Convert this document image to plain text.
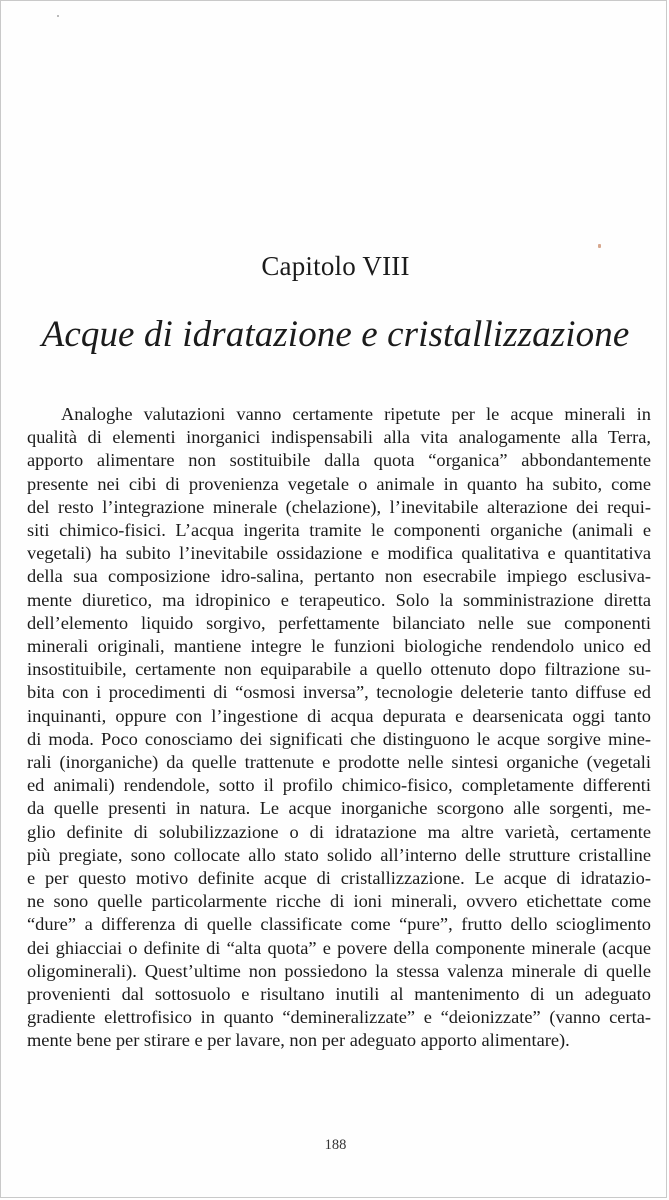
Capitolo VIII
Acque di idratazione e cristallizzazione
Analoghe valutazioni vanno certamente ripetute per le acque minerali in
qualità di elementi inorganici indispensabili alla vita analogamente alla Terra,
apporto alimentare non sostituibile dalla quota “organica” abbondantemente
presente nei cibi di provenienza vegetale o animale in quanto ha subito, come
del resto l’integrazione minerale (chelazione), l’inevitabile alterazione dei requi-
siti chimico-fisici. L’acqua ingerita tramite le componenti organiche (animali e
vegetali) ha subito l’inevitabile ossidazione e modifica qualitativa e quantitativa
della sua composizione idro-salina, pertanto non esecrabile impiego esclusiva-
mente diuretico, ma idropinico e terapeutico. Solo la somministrazione diretta
dell’elemento liquido sorgivo, perfettamente bilanciato nelle sue componenti
minerali originali, mantiene integre le funzioni biologiche rendendolo unico ed
insostituibile, certamente non equiparabile a quello ottenuto dopo filtrazione su-
bita con i procedimenti di “osmosi inversa”, tecnologie deleterie tanto diffuse ed
inquinanti, oppure con l’ingestione di acqua depurata e dearsenicata oggi tanto
di moda. Poco conosciamo dei significati che distinguono le acque sorgive mine-
rali (inorganiche) da quelle trattenute e prodotte nelle sintesi organiche (vegetali
ed animali) rendendole, sotto il profilo chimico-fisico, completamente differenti
da quelle presenti in natura. Le acque inorganiche scorgono alle sorgenti, me-
glio definite di solubilizzazione o di idratazione ma altre varietà, certamente
più pregiate, sono collocate allo stato solido all’interno delle strutture cristalline
e per questo motivo definite acque di cristallizzazione. Le acque di idratazio-
ne sono quelle particolarmente ricche di ioni minerali, ovvero etichettate come
“dure” a differenza di quelle classificate come “pure”, frutto dello scioglimento
dei ghiacciai o definite di “alta quota” e povere della componente minerale (acque
oligominerali). Quest’ultime non possiedono la stessa valenza minerale di quelle
provenienti dal sottosuolo e risultano inutili al mantenimento di un adeguato
gradiente elettrofisico in quanto “demineralizzate” e “deionizzate” (vanno certa-
mente bene per stirare e per lavare, non per adeguato apporto alimentare).
188
